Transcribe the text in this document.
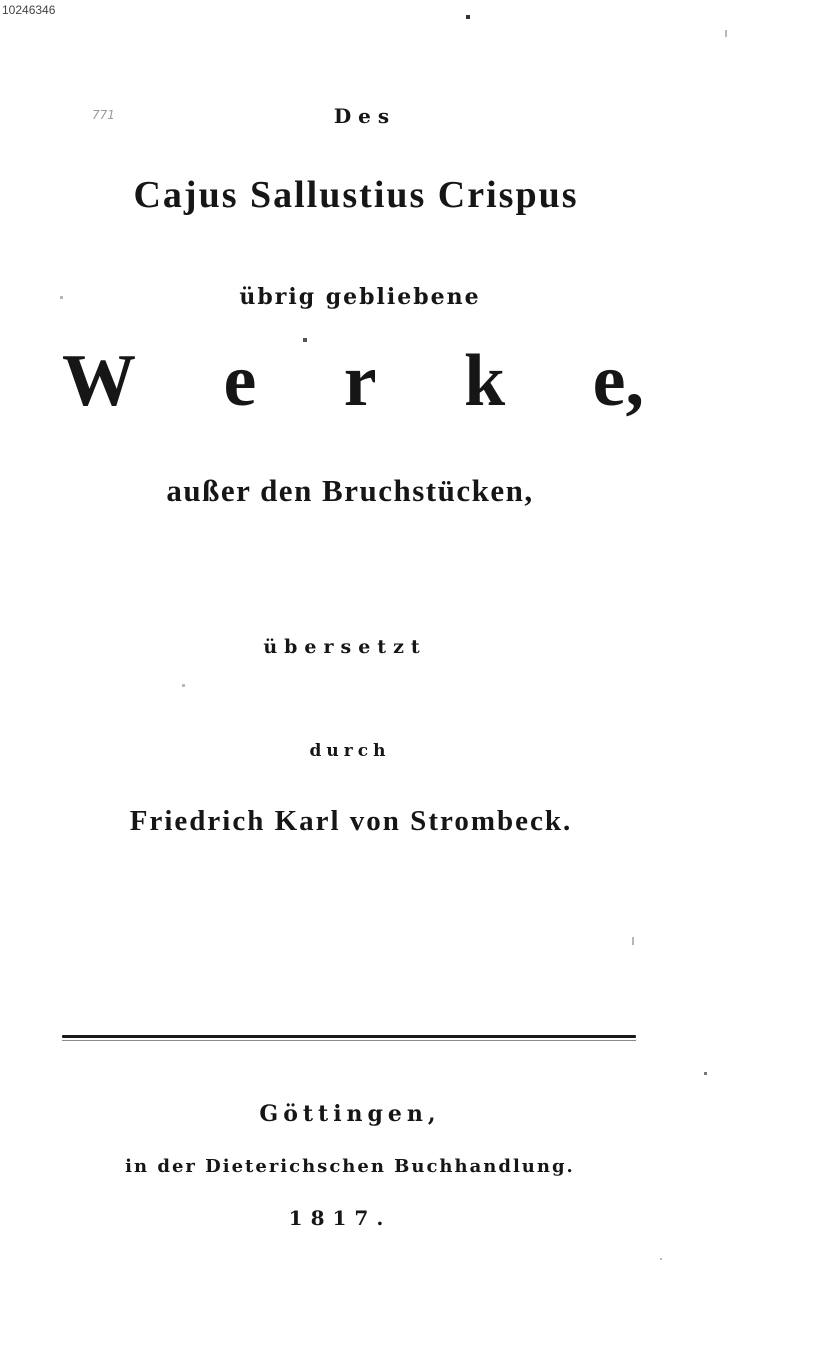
10246346
771	Des
Cajus Sallustius Crispus
übrig gebliebene
W e r k e,
außer den Bruchstücken,
übersetzt
durch
Friedrich Karl von Strombeck.
Göttingen,
in der Dieterichschen Buchhandlung.
1817.
